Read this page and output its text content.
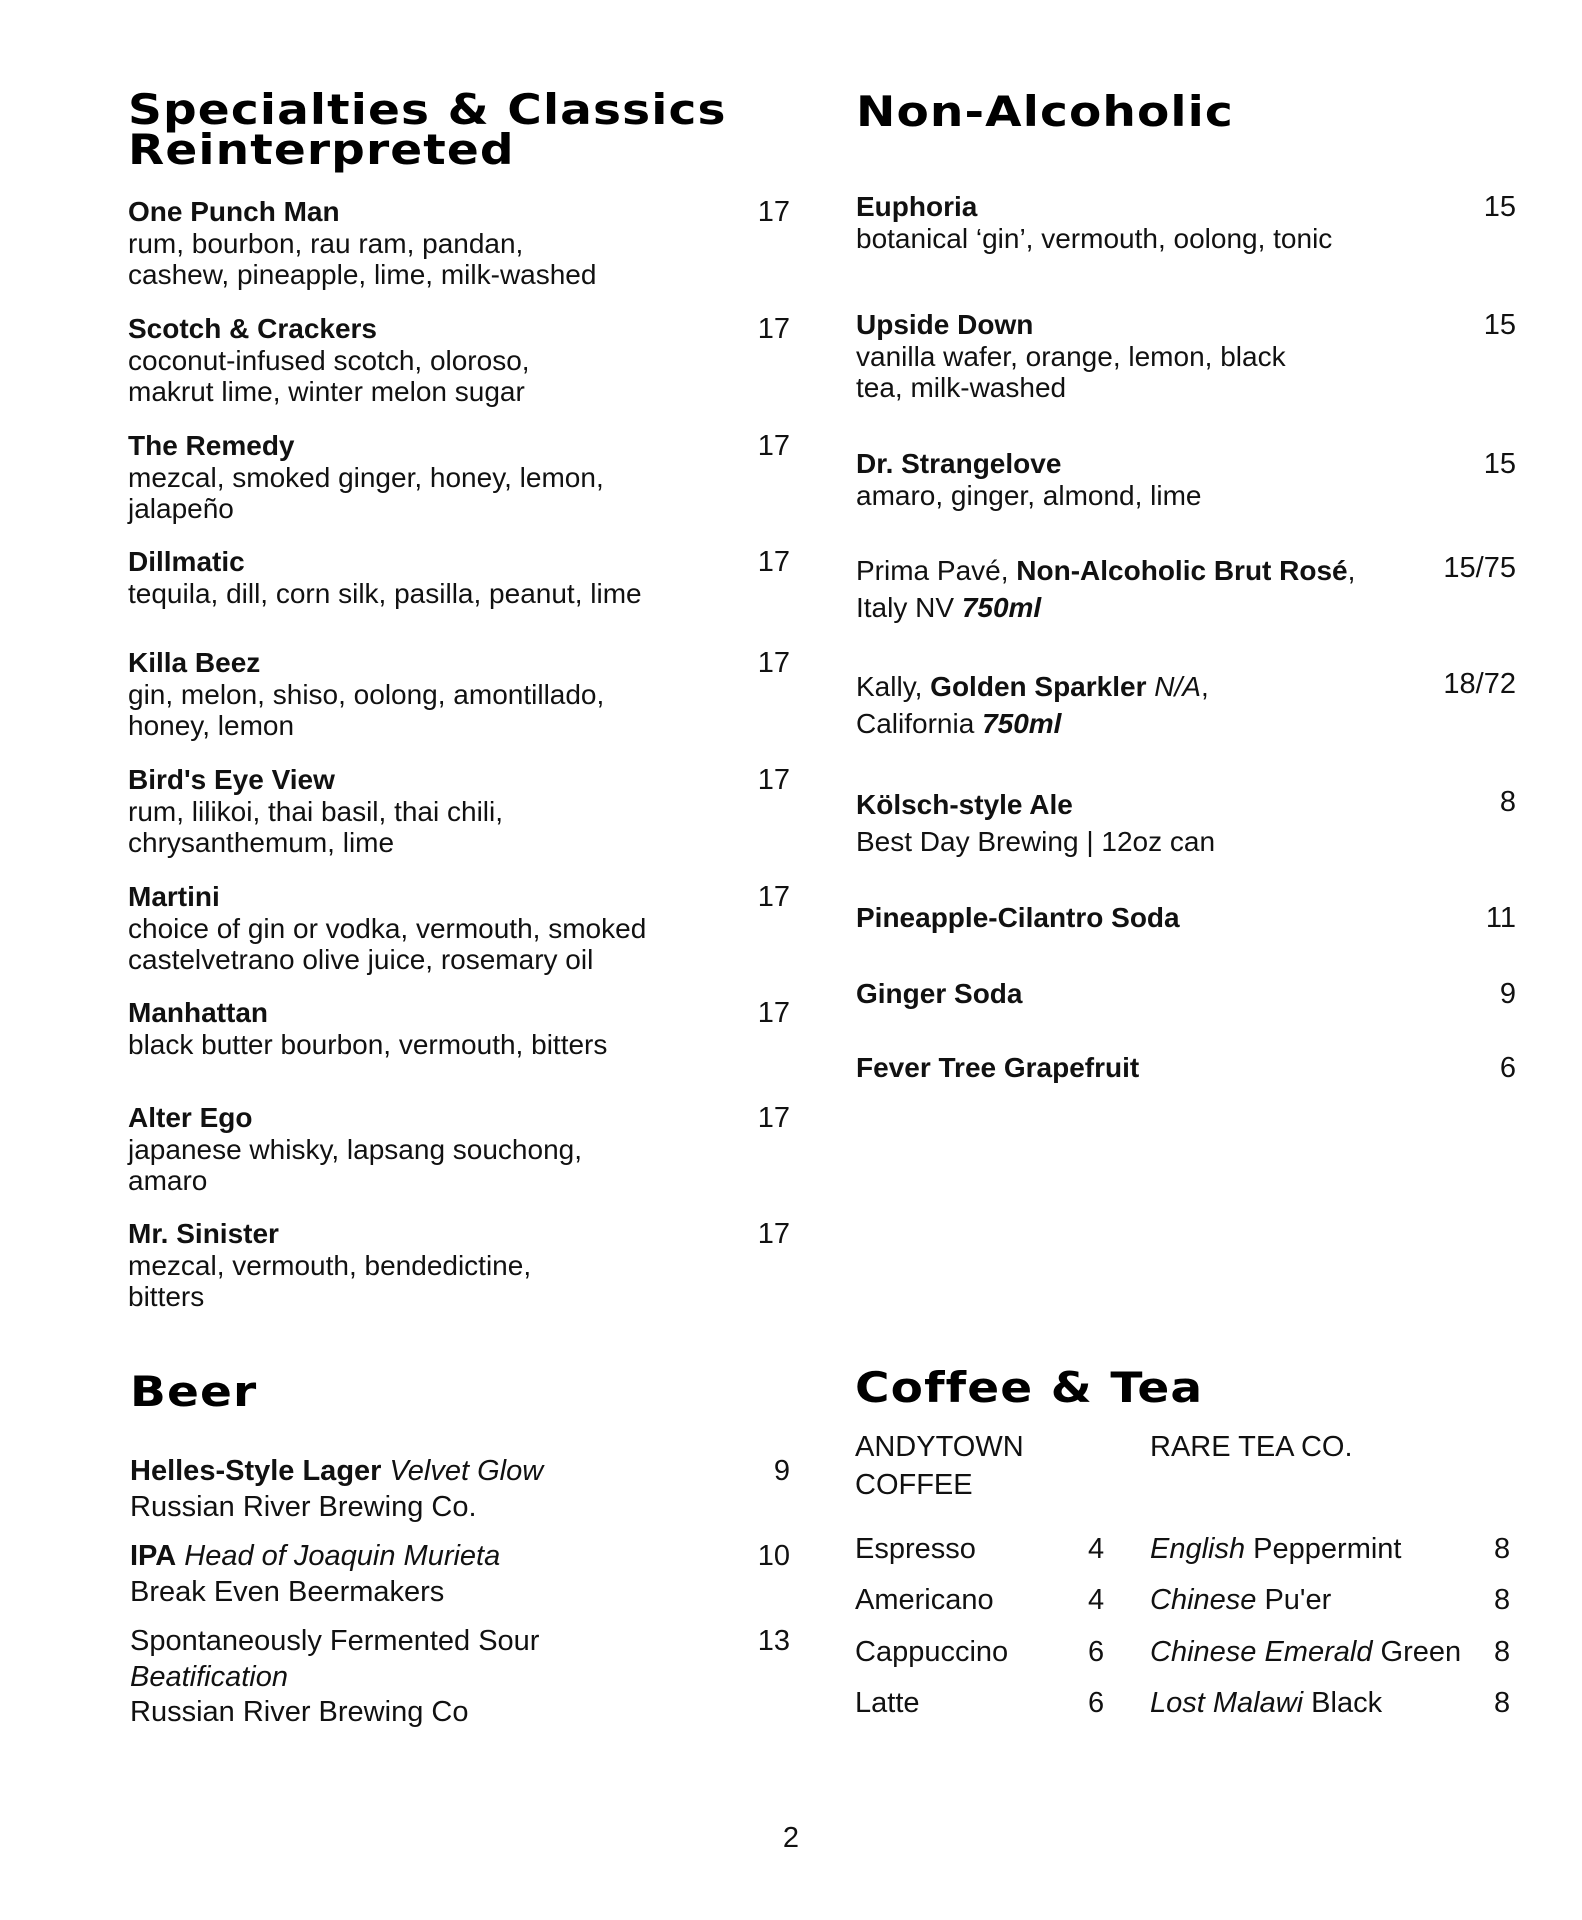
Specialties & Classics
Reinterpreted
One Punch Man
rum, bourbon, rau ram, pandan,
cashew, pineapple, lime, milk-washed
17
Scotch & Crackers
coconut-infused scotch, oloroso,
makrut lime, winter melon sugar
17
The Remedy
mezcal, smoked ginger, honey, lemon,
jalapeño
17
Dillmatic
tequila, dill, corn silk, pasilla, peanut, lime
17
Killa Beez
gin, melon, shiso, oolong, amontillado,
honey, lemon
17
Bird's Eye View
rum, lilikoi, thai basil, thai chili,
chrysanthemum, lime
17
Martini
choice of gin or vodka, vermouth, smoked
castelvetrano olive juice, rosemary oil
17
Manhattan
black butter bourbon, vermouth, bitters
17
Alter Ego
japanese whisky, lapsang souchong,
amaro
17
Mr. Sinister
mezcal, vermouth, bendedictine,
bitters
17
Non-Alcoholic
Euphoria
botanical ‘gin’, vermouth, oolong, tonic
15
Upside Down
vanilla wafer, orange, lemon, black
tea, milk-washed
15
Dr. Strangelove
amaro, ginger, almond, lime
15
Prima Pavé, Non-Alcoholic Brut Rosé,
Italy NV 750ml
15/75
Kally, Golden Sparkler N/A,
California 750ml
18/72
Kölsch-style Ale
Best Day Brewing | 12oz can
8
Pineapple-Cilantro Soda	11
Ginger Soda	9
Fever Tree Grapefruit	6
Beer
Helles-Style Lager Velvet Glow
Russian River Brewing Co.
9
IPA Head of Joaquin Murieta
Break Even Beermakers
10
Spontaneously Fermented Sour
Beatification
Russian River Brewing Co
13
Coffee & Tea
ANDYTOWN
COFFEE
RARE TEA CO.
Espresso	4
Americano	4
Cappuccino	6
Latte	6
English Peppermint	8
Chinese Pu'er	8
Chinese Emerald Green 8
Lost Malawi Black	8
2
